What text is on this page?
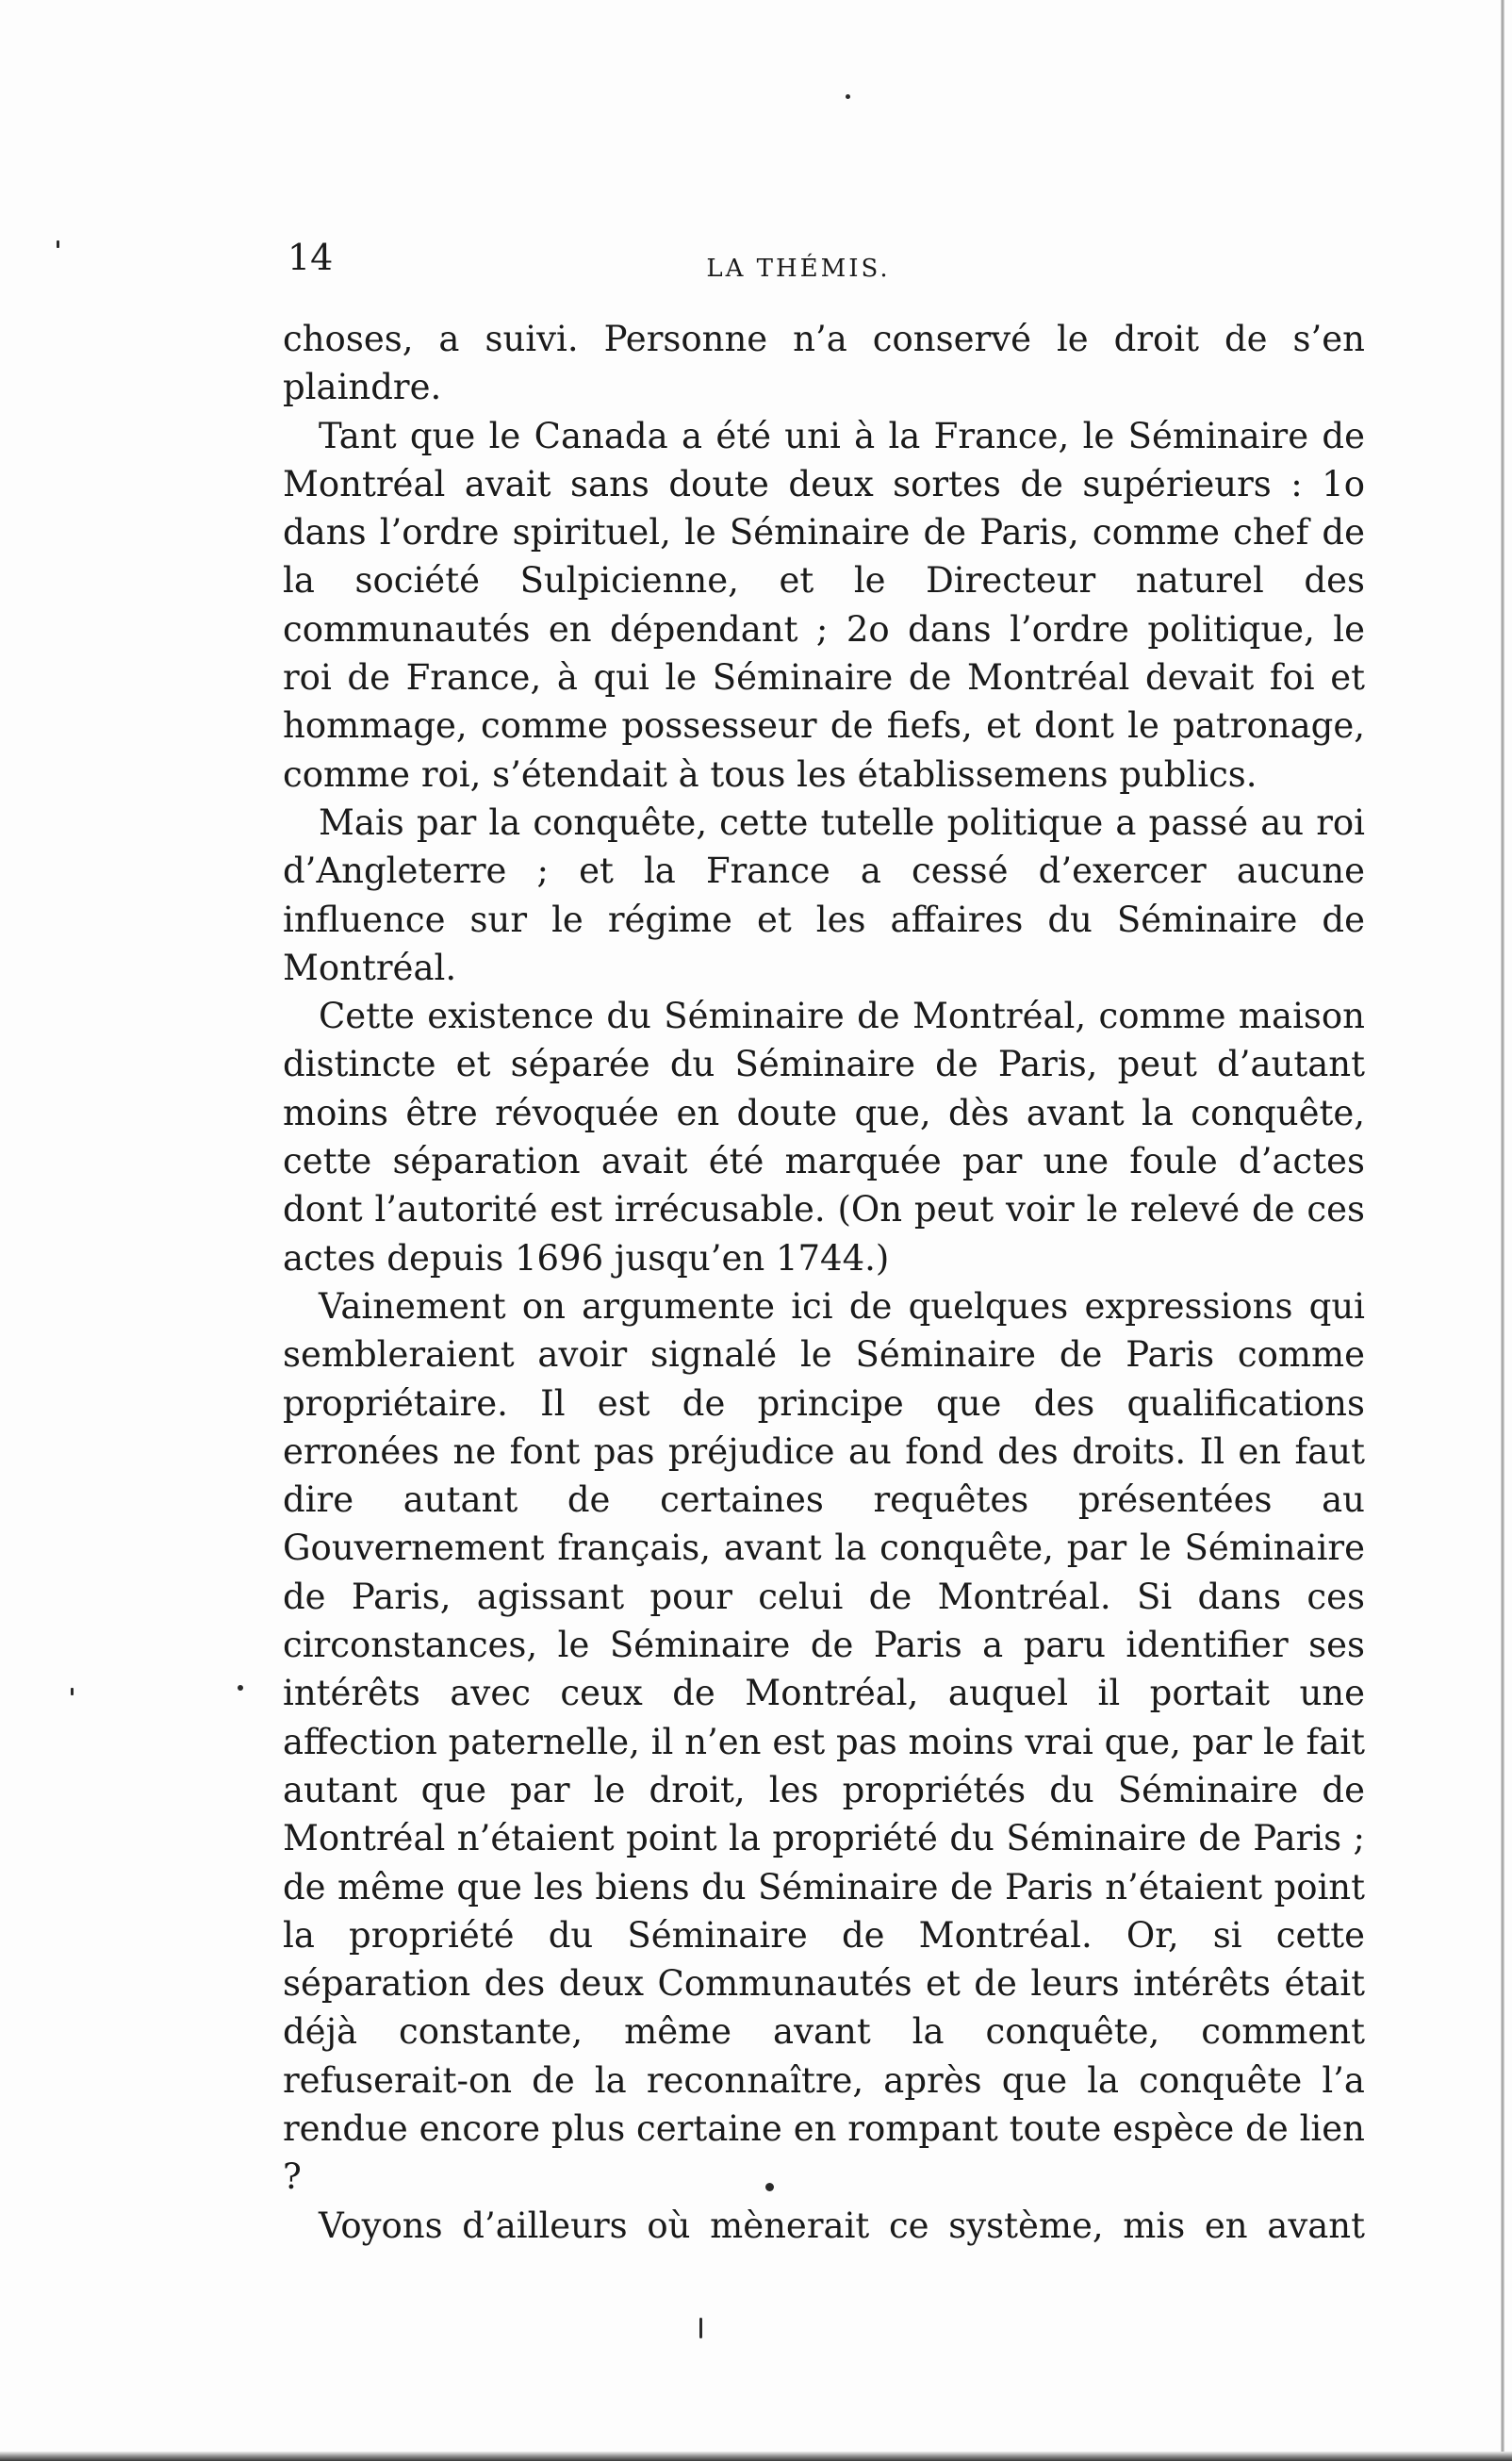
14	LA THÉMIS.

choses, a suivi. Personne n’a conservé le droit de s’en plaindre.

Tant que le Canada a été uni à la France, le Séminaire de Montréal avait sans doute deux sortes de supérieurs : 1o dans l’ordre spirituel, le Séminaire de Paris, comme chef de la société Sulpicienne, et le Directeur naturel des communautés en dépendant ; 2o dans l’ordre politique, le roi de France, à qui le Séminaire de Montréal devait foi et hommage, comme possesseur de fiefs, et dont le patronage, comme roi, s’étendait à tous les établissemens publics.

Mais par la conquête, cette tutelle politique a passé au roi d’Angleterre ; et la France a cessé d’exercer aucune influence sur le régime et les affaires du Séminaire de Montréal.

Cette existence du Séminaire de Montréal, comme maison distincte et séparée du Séminaire de Paris, peut d’autant moins être révoquée en doute que, dès avant la conquête, cette séparation avait été marquée par une foule d’actes dont l’autorité est irrécusable. (On peut voir le relevé de ces actes depuis 1696 jusqu’en 1744.)

Vainement on argumente ici de quelques expressions qui sembleraient avoir signalé le Séminaire de Paris comme propriétaire. Il est de principe que des qualifications erronées ne font pas préjudice au fond des droits. Il en faut dire autant de certaines requêtes présentées au Gouvernement français, avant la conquête, par le Séminaire de Paris, agissant pour celui de Montréal. Si dans ces circonstances, le Séminaire de Paris a paru identifier ses intérêts avec ceux de Montréal, auquel il portait une affection paternelle, il n’en est pas moins vrai que, par le fait autant que par le droit, les propriétés du Séminaire de Montréal n’étaient point la propriété du Séminaire de Paris ; de même que les biens du Séminaire de Paris n’étaient point la propriété du Séminaire de Montréal. Or, si cette séparation des deux Communautés et de leurs intérêts était déjà constante, même avant la conquête, comment refuserait-on de la reconnaître, après que la conquête l’a rendue encore plus certaine en rompant toute espèce de lien ?

Voyons d’ailleurs où mènerait ce système, mis en avant
